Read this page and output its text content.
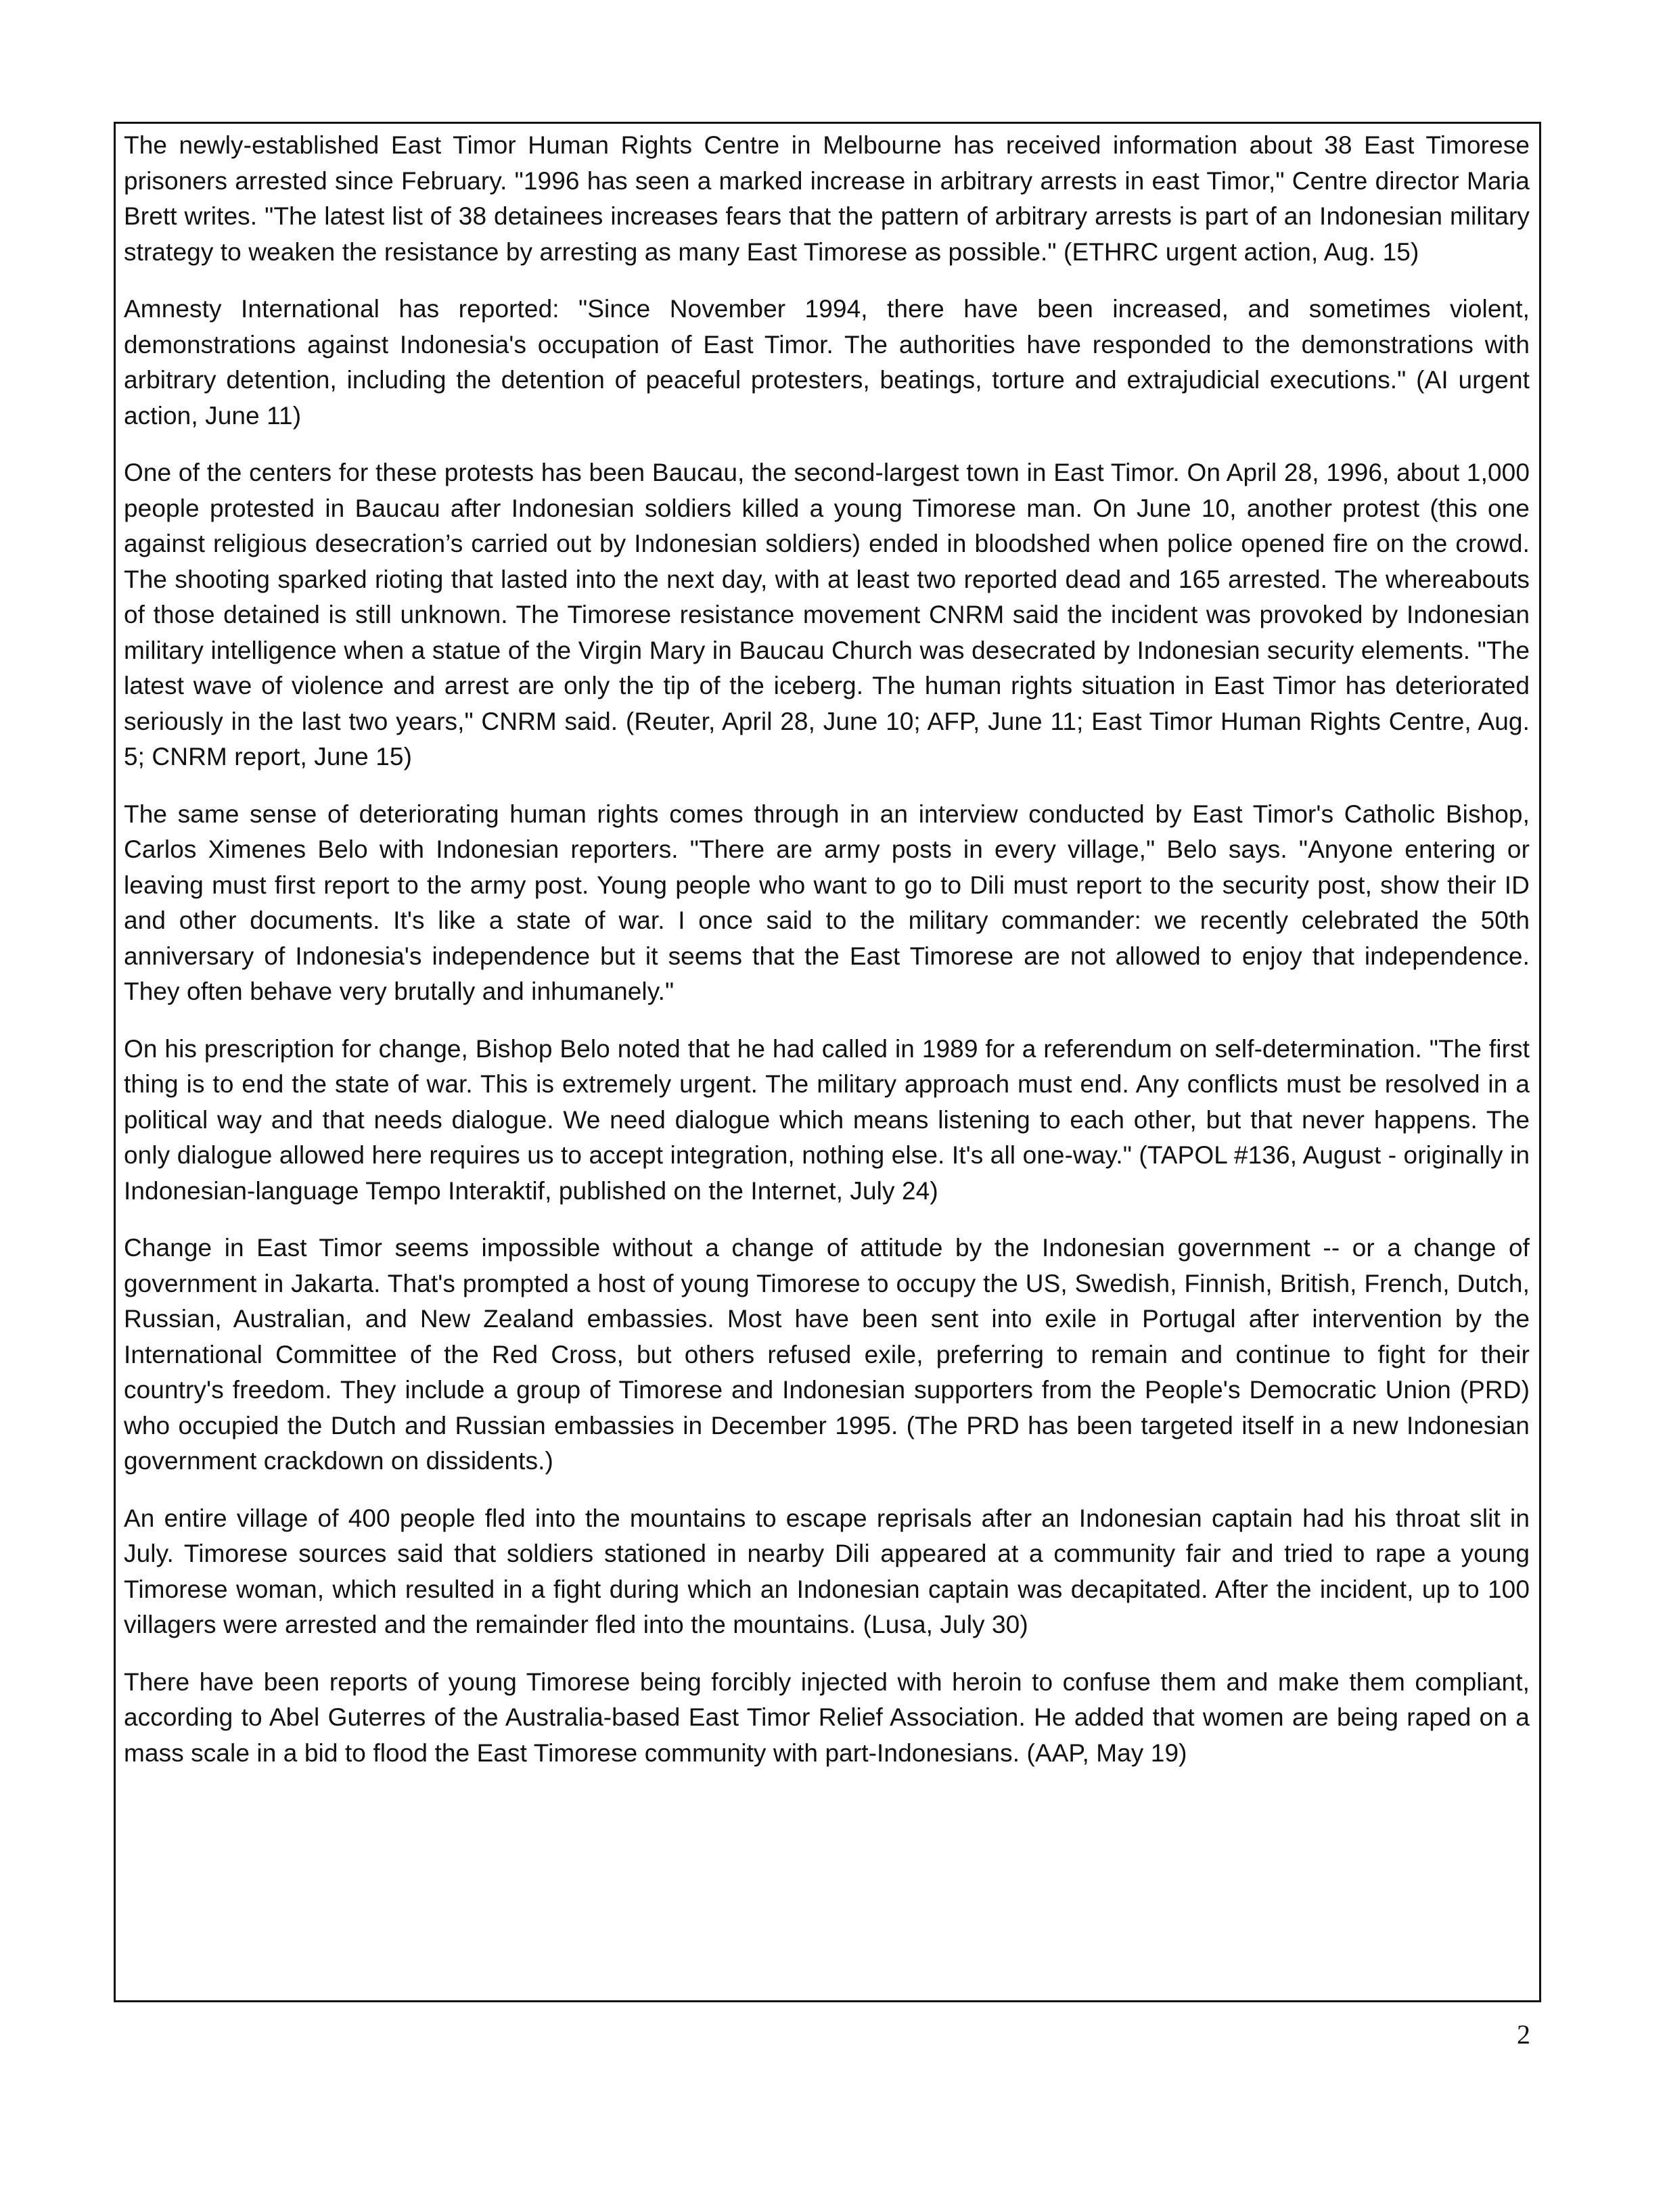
The newly-established East Timor Human Rights Centre in Melbourne has received information about 38 East Timorese prisoners arrested since February. "1996 has seen a marked increase in arbitrary arrests in east Timor," Centre director Maria Brett writes. "The latest list of 38 detainees increases fears that the pattern of arbitrary arrests is part of an Indonesian military strategy to weaken the resistance by arresting as many East Timorese as possible." (ETHRC urgent action, Aug. 15)

Amnesty International has reported: "Since November 1994, there have been increased, and sometimes violent, demonstrations against Indonesia's occupation of East Timor. The authorities have responded to the demonstrations with arbitrary detention, including the detention of peaceful protesters, beatings, torture and extrajudicial executions." (AI urgent action, June 11)

One of the centers for these protests has been Baucau, the second-largest town in East Timor. On April 28, 1996, about 1,000 people protested in Baucau after Indonesian soldiers killed a young Timorese man. On June 10, another protest (this one against religious desecration’s carried out by Indonesian soldiers) ended in bloodshed when police opened fire on the crowd. The shooting sparked rioting that lasted into the next day, with at least two reported dead and 165 arrested. The whereabouts of those detained is still unknown. The Timorese resistance movement CNRM said the incident was provoked by Indonesian military intelligence when a statue of the Virgin Mary in Baucau Church was desecrated by Indonesian security elements. "The latest wave of violence and arrest are only the tip of the iceberg. The human rights situation in East Timor has deteriorated seriously in the last two years," CNRM said. (Reuter, April 28, June 10; AFP, June 11; East Timor Human Rights Centre, Aug. 5; CNRM report, June 15)

The same sense of deteriorating human rights comes through in an interview conducted by East Timor's Catholic Bishop, Carlos Ximenes Belo with Indonesian reporters. "There are army posts in every village," Belo says. "Anyone entering or leaving must first report to the army post. Young people who want to go to Dili must report to the security post, show their ID and other documents. It's like a state of war. I once said to the military commander: we recently celebrated the 50th anniversary of Indonesia's independence but it seems that the East Timorese are not allowed to enjoy that independence. They often behave very brutally and inhumanely."

On his prescription for change, Bishop Belo noted that he had called in 1989 for a referendum on self-determination. "The first thing is to end the state of war. This is extremely urgent. The military approach must end. Any conflicts must be resolved in a political way and that needs dialogue. We need dialogue which means listening to each other, but that never happens. The only dialogue allowed here requires us to accept integration, nothing else. It's all one-way." (TAPOL #136, August - originally in Indonesian-language Tempo Interaktif, published on the Internet, July 24)

Change in East Timor seems impossible without a change of attitude by the Indonesian government -- or a change of government in Jakarta. That's prompted a host of young Timorese to occupy the US, Swedish, Finnish, British, French, Dutch, Russian, Australian, and New Zealand embassies. Most have been sent into exile in Portugal after intervention by the International Committee of the Red Cross, but others refused exile, preferring to remain and continue to fight for their country's freedom. They include a group of Timorese and Indonesian supporters from the People's Democratic Union (PRD) who occupied the Dutch and Russian embassies in December 1995. (The PRD has been targeted itself in a new Indonesian government crackdown on dissidents.)

An entire village of 400 people fled into the mountains to escape reprisals after an Indonesian captain had his throat slit in July. Timorese sources said that soldiers stationed in nearby Dili appeared at a community fair and tried to rape a young Timorese woman, which resulted in a fight during which an Indonesian captain was decapitated. After the incident, up to 100 villagers were arrested and the remainder fled into the mountains. (Lusa, July 30)

There have been reports of young Timorese being forcibly injected with heroin to confuse them and make them compliant, according to Abel Guterres of the Australia-based East Timor Relief Association. He added that women are being raped on a mass scale in a bid to flood the East Timorese community with part-Indonesians. (AAP, May 19)

2
